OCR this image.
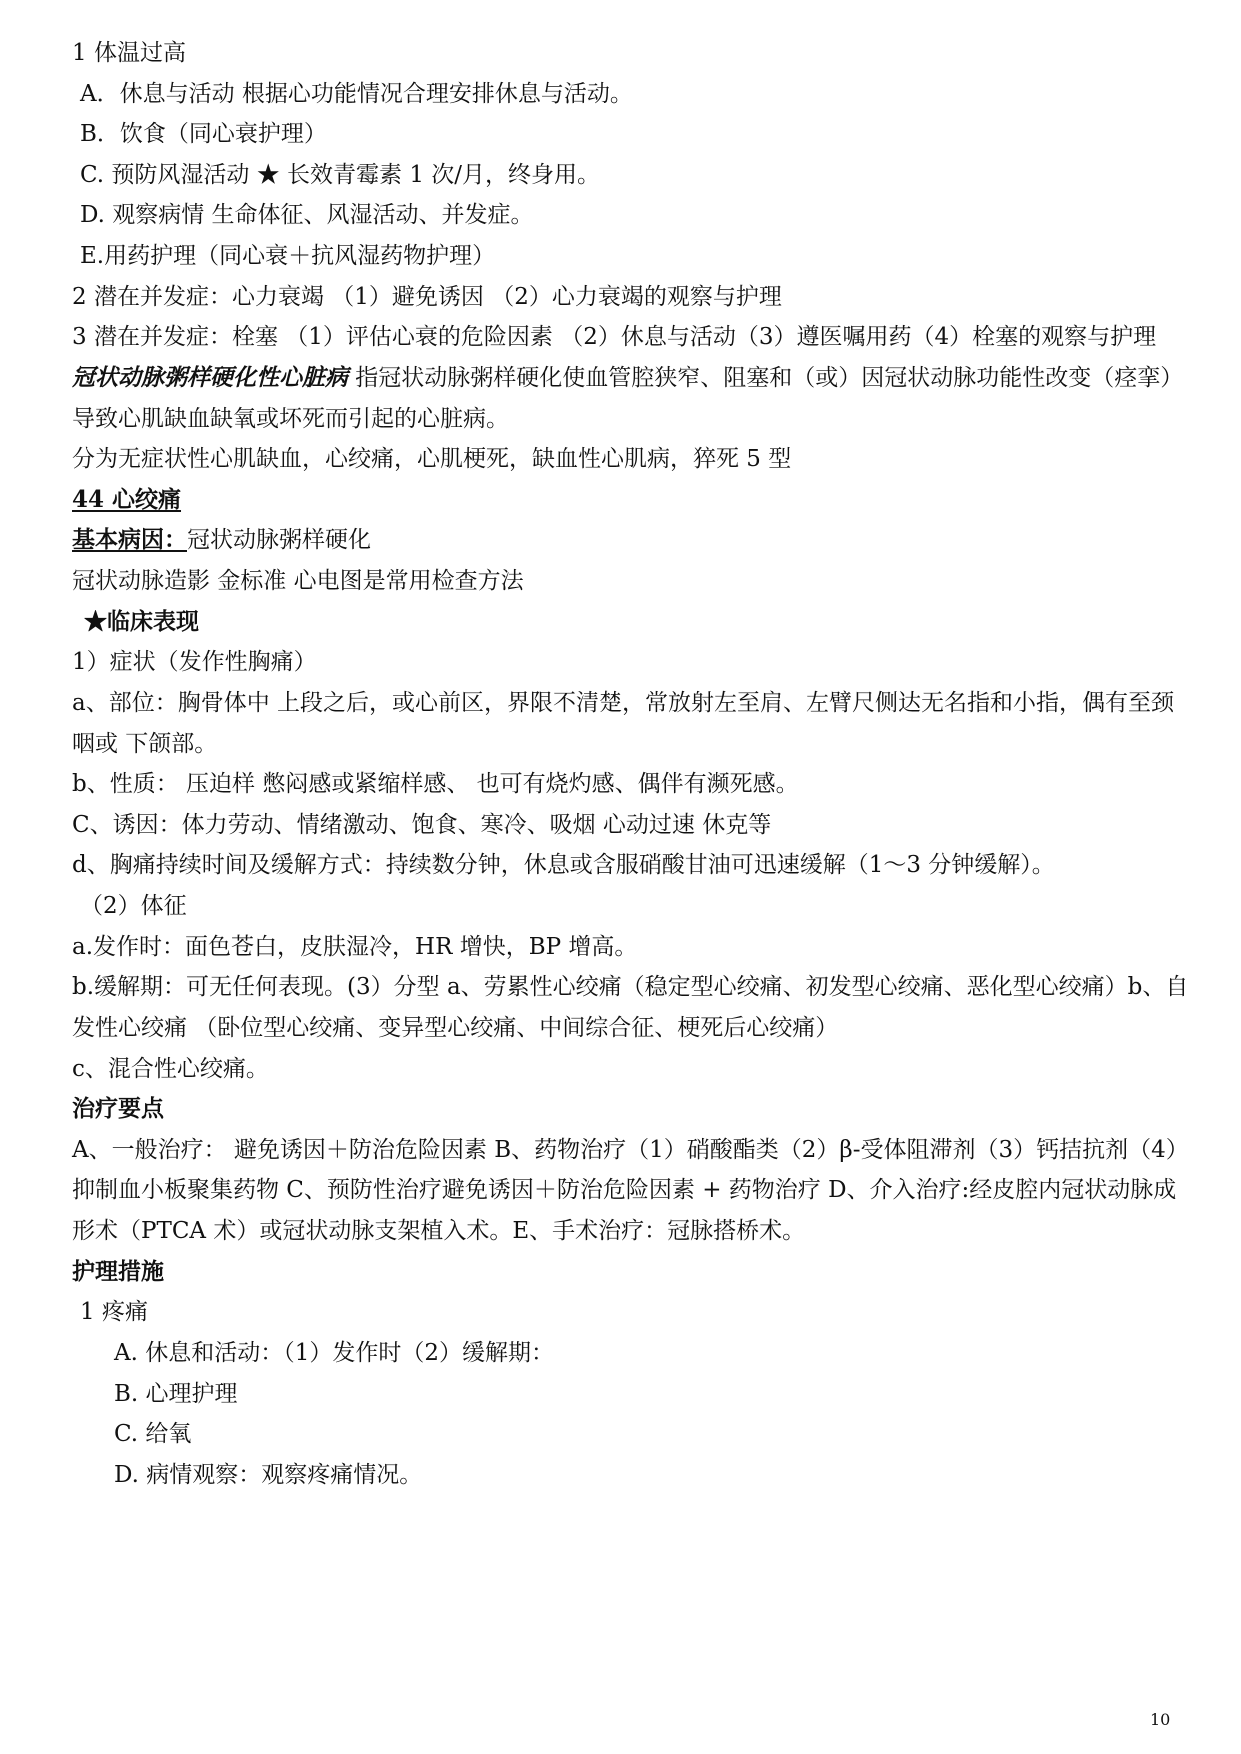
1 体温过高
A．休息与活动 根据心功能情况合理安排休息与活动。
B．饮食（同心衰护理）
C. 预防风湿活动 ★ 长效青霉素 1 次/月，终身用。
D. 观察病情 生命体征、风湿活动、并发症。
E.用药护理（同心衰＋抗风湿药物护理）
2 潜在并发症：心力衰竭 （1）避免诱因 （2）心力衰竭的观察与护理
3 潜在并发症：栓塞 （1）评估心衰的危险因素 （2）休息与活动（3）遵医嘱用药（4）栓塞的观察与护理
冠状动脉粥样硬化性心脏病 指冠状动脉粥样硬化使血管腔狭窄、阻塞和（或）因冠状动脉功能性改变（痉挛）
导致心肌缺血缺氧或坏死而引起的心脏病。
分为无症状性心肌缺血，心绞痛，心肌梗死，缺血性心肌病，猝死 5 型
44 心绞痛
基本病因：冠状动脉粥样硬化
冠状动脉造影 金标准 心电图是常用检查方法
★临床表现
1）症状（发作性胸痛）
a、部位：胸骨体中 上段之后，或心前区，界限不清楚，常放射左至肩、左臂尺侧达无名指和小指，偶有至颈
咽或 下颌部。
b、性质： 压迫样 憋闷感或紧缩样感、 也可有烧灼感、偶伴有濒死感。
C、诱因：体力劳动、情绪激动、饱食、寒冷、吸烟 心动过速 休克等
d、胸痛持续时间及缓解方式：持续数分钟，休息或含服硝酸甘油可迅速缓解（1～3 分钟缓解）。
（2）体征
a.发作时：面色苍白，皮肤湿冷，HR 增快，BP 增高。
b.缓解期：可无任何表现。(3）分型 a、劳累性心绞痛（稳定型心绞痛、初发型心绞痛、恶化型心绞痛）b、自
发性心绞痛 （卧位型心绞痛、变异型心绞痛、中间综合征、梗死后心绞痛）
c、混合性心绞痛。
治疗要点
A、一般治疗： 避免诱因＋防治危险因素 B、药物治疗（1）硝酸酯类（2）β-受体阻滞剂（3）钙拮抗剂（4）
抑制血小板聚集药物 C、预防性治疗避免诱因＋防治危险因素 + 药物治疗 D、介入治疗:经皮腔内冠状动脉成
形术（PTCA 术）或冠状动脉支架植入术。E、手术治疗：冠脉搭桥术。
护理措施
1 疼痛
A. 休息和活动：（1）发作时（2）缓解期：
B. 心理护理
C. 给氧
D. 病情观察：观察疼痛情况。
10
